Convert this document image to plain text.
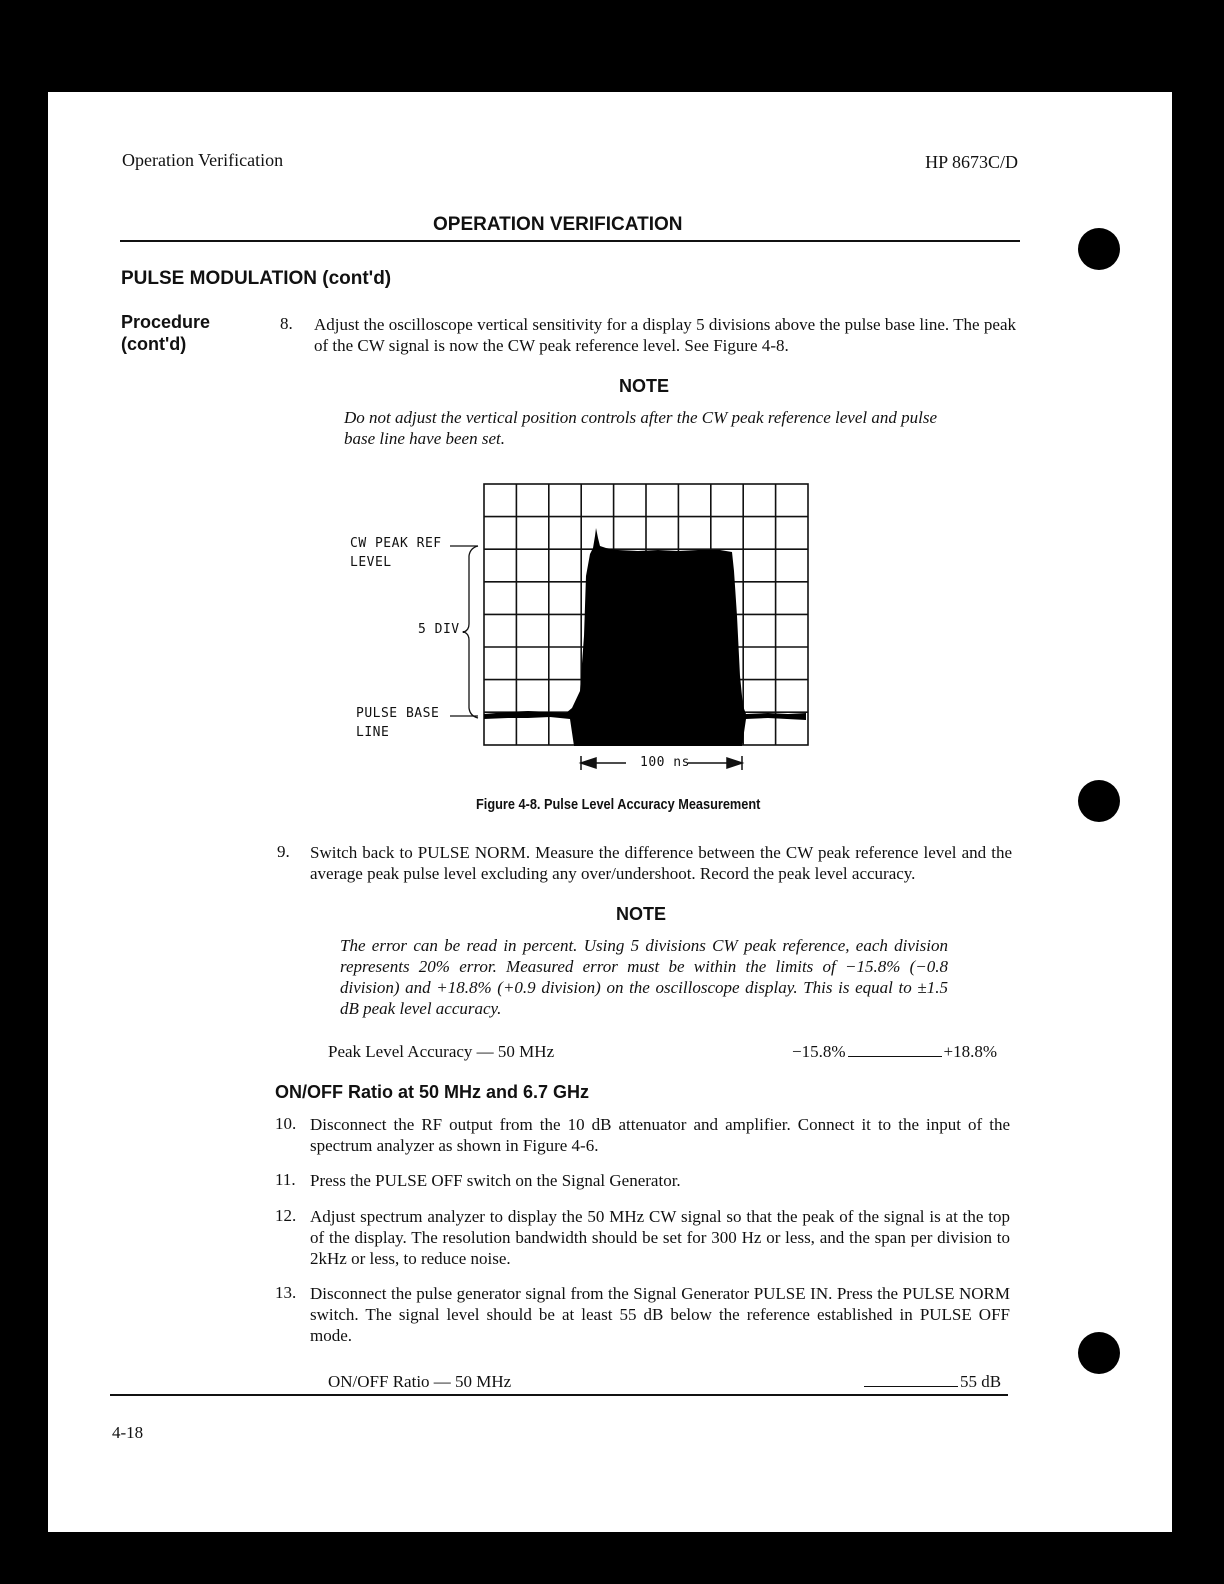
Operation Verification	HP 8673C/D
OPERATION VERIFICATION
PULSE MODULATION (cont'd)
Procedure
(cont'd)
8. Adjust the oscilloscope vertical sensitivity for a display 5 divisions above the pulse base line. The peak of the CW signal is now the CW peak reference level. See Figure 4-8.
NOTE
Do not adjust the vertical position controls after the CW peak reference level and pulse base line have been set.
CW PEAK REF
LEVEL
5 DIV.
PULSE BASE
LINE
100 ns
Figure 4-8. Pulse Level Accuracy Measurement
9. Switch back to PULSE NORM. Measure the difference between the CW peak reference level and the average peak pulse level excluding any over/undershoot. Record the peak level accuracy.
NOTE
The error can be read in percent. Using 5 divisions CW peak reference, each division represents 20% error. Measured error must be within the limits of −15.8% (−0.8 division) and +18.8% (+0.9 division) on the oscilloscope display. This is equal to ±1.5 dB peak level accuracy.
Peak Level Accuracy — 50 MHz	−15.8%	+18.8%
ON/OFF Ratio at 50 MHz and 6.7 GHz
10. Disconnect the RF output from the 10 dB attenuator and amplifier. Connect it to the input of the spectrum analyzer as shown in Figure 4-6.
11. Press the PULSE OFF switch on the Signal Generator.
12. Adjust spectrum analyzer to display the 50 MHz CW signal so that the peak of the signal is at the top of the display. The resolution bandwidth should be set for 300 Hz or less, and the span per division to 2kHz or less, to reduce noise.
13. Disconnect the pulse generator signal from the Signal Generator PULSE IN. Press the PULSE NORM switch. The signal level should be at least 55 dB below the reference established in PULSE OFF mode.
ON/OFF Ratio — 50 MHz	55 dB
4-18
